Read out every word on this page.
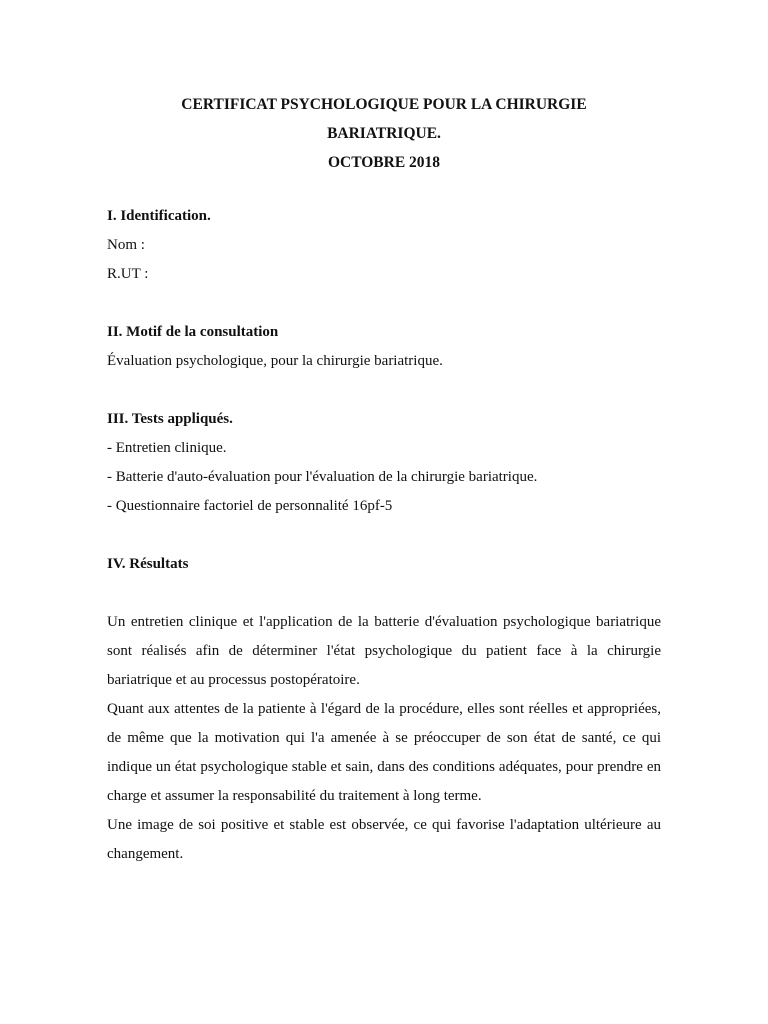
CERTIFICAT PSYCHOLOGIQUE POUR LA CHIRURGIE
BARIATRIQUE.
OCTOBRE 2018
I. Identification.
Nom :
R.UT :
II. Motif de la consultation
Évaluation psychologique, pour la chirurgie bariatrique.
III. Tests appliqués.
- Entretien clinique.
- Batterie d'auto-évaluation pour l'évaluation de la chirurgie bariatrique.
- Questionnaire factoriel de personnalité 16pf-5
IV. Résultats

Un entretien clinique et l'application de la batterie d'évaluation psychologique bariatrique sont réalisés afin de déterminer l'état psychologique du patient face à la chirurgie bariatrique et au processus postopératoire.

Quant aux attentes de la patiente à l'égard de la procédure, elles sont réelles et appropriées, de même que la motivation qui l'a amenée à se préoccuper de son état de santé, ce qui indique un état psychologique stable et sain, dans des conditions adéquates, pour prendre en charge et assumer la responsabilité du traitement à long terme.

Une image de soi positive et stable est observée, ce qui favorise l'adaptation ultérieure au changement.
